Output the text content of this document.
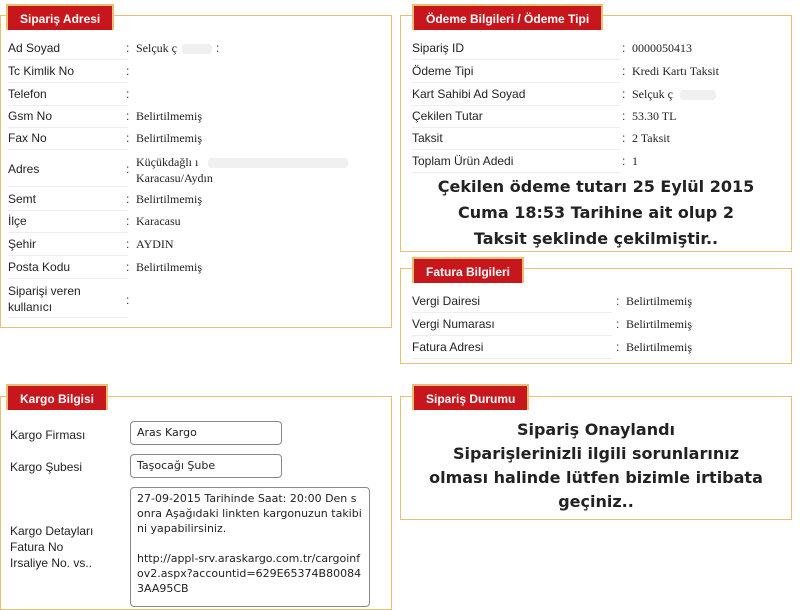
Sipariş Adresi
Ad Soyad	: Selçuk ç	:
Tc Kimlik No	:
Telefon	:
Gsm No	: Belirtilmemiş
Fax No	: Belirtilmemiş
Adres	: Küçükdağlı ı
Karacasu/Aydın
Semt	: Belirtilmemiş
İlçe	: Karacasu
Şehir	: AYDIN
Posta Kodu	: Belirtilmemiş
Siparişi veren
kullanıcı	:
Ödeme Bilgileri / Ödeme Tipi
Sipariş ID	: 0000050413
Ödeme Tipi	: Kredi Kartı Taksit
Kart Sahibi Ad Soyad	: Selçuk ç
Çekilen Tutar	: 53.30 TL
Taksit	: 2 Taksit
Toplam Ürün Adedi	: 1
Çekilen ödeme tutarı 25 Eylül 2015
Cuma 18:53 Tarihine ait olup 2
Taksit şeklinde çekilmiştir..
Fatura Bilgileri
Vergi Dairesi	: Belirtilmemiş
Vergi Numarası	: Belirtilmemiş
Fatura Adresi	: Belirtilmemiş
Kargo Bilgisi
Kargo Firması	Aras Kargo
Kargo Şubesi	Taşocağı Şube
Kargo Detayları
Fatura No
Irsaliye No. vs..
27-09-2015 Tarihinde Saat: 20:00 Den sonra Aşağıdaki linkten kargonuzun takibini yapabilirsiniz.

http://appl-srv.araskargo.com.tr/cargoinfov2.aspx?accountid=629E65374B800843AA95CB
Sipariş Durumu
Sipariş Onaylandı
Siparişlerinizli ilgili sorunlarınız
olması halinde lütfen bizimle irtibata
geçiniz..
